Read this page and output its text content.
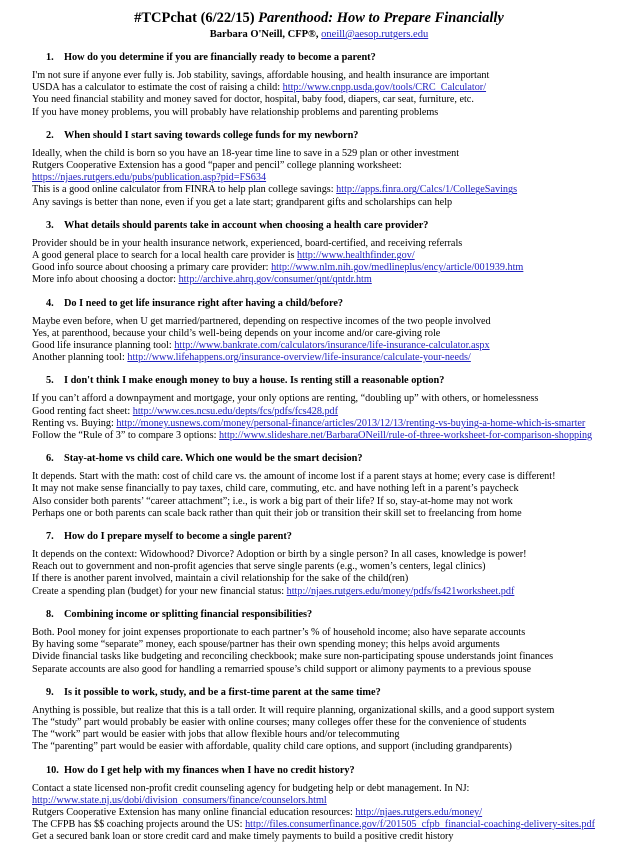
#TCPchat (6/22/15) Parenthood: How to Prepare Financially
Barbara O'Neill, CFP®, oneill@aesop.rutgers.edu
1. How do you determine if you are financially ready to become a parent?
I'm not sure if anyone ever fully is. Job stability, savings, affordable housing, and health insurance are important
USDA has a calculator to estimate the cost of raising a child: http://www.cnpp.usda.gov/tools/CRC_Calculator/
You need financial stability and money saved for doctor, hospital, baby food, diapers, car seat, furniture, etc.
If you have money problems, you will probably have relationship problems and parenting problems
2. When should I start saving towards college funds for my newborn?
Ideally, when the child is born so you have an 18-year time line to save in a 529 plan or other investment
Rutgers Cooperative Extension has a good “paper and pencil” college planning worksheet:
https://njaes.rutgers.edu/pubs/publication.asp?pid=FS634
This is a good online calculator from FINRA to help plan college savings: http://apps.finra.org/Calcs/1/CollegeSavings
Any savings is better than none, even if you get a late start; grandparent gifts and scholarships can help
3. What details should parents take in account when choosing a health care provider?
Provider should be in your health insurance network, experienced, board-certified, and receiving referrals
A good general place to search for a local health care provider is http://www.healthfinder.gov/
Good info source about choosing a primary care provider: http://www.nlm.nih.gov/medlineplus/ency/article/001939.htm
More info about choosing a doctor: http://archive.ahrq.gov/consumer/qnt/qntdr.htm
4. Do I need to get life insurance right after having a child/before?
Maybe even before, when U get married/partnered, depending on respective incomes of the two people involved
Yes, at parenthood, because your child’s well-being depends on your income and/or care-giving role
Good life insurance planning tool: http://www.bankrate.com/calculators/insurance/life-insurance-calculator.aspx
Another planning tool: http://www.lifehappens.org/insurance-overview/life-insurance/calculate-your-needs/
5. I don't think I make enough money to buy a house. Is renting still a reasonable option?
If you can’t afford a downpayment and mortgage, your only options are renting, “doubling up” with others, or homelessness
Good renting fact sheet: http://www.ces.ncsu.edu/depts/fcs/pdfs/fcs428.pdf
Renting vs. Buying: http://money.usnews.com/money/personal-finance/articles/2013/12/13/renting-vs-buying-a-home-which-is-smarter
Follow the “Rule of 3” to compare 3 options: http://www.slideshare.net/BarbaraONeill/rule-of-three-worksheet-for-comparison-shopping
6. Stay-at-home vs child care. Which one would be the smart decision?
It depends. Start with the math: cost of child care vs. the amount of income lost if a parent stays at home; every case is different!
It may not make sense financially to pay taxes, child care, commuting, etc. and have nothing left in a parent’s paycheck
Also consider both parents’ “career attachment”; i.e., is work a big part of their life? If so, stay-at-home may not work
Perhaps one or both parents can scale back rather than quit their job or transition their skill set to freelancing from home
7. How do I prepare myself to become a single parent?
It depends on the context: Widowhood? Divorce? Adoption or birth by a single person? In all cases, knowledge is power!
Reach out to government and non-profit agencies that serve single parents (e.g., women’s centers, legal clinics)
If there is another parent involved, maintain a civil relationship for the sake of the child(ren)
Create a spending plan (budget) for your new financial status: http://njaes.rutgers.edu/money/pdfs/fs421worksheet.pdf
8. Combining income or splitting financial responsibilities?
Both. Pool money for joint expenses proportionate to each partner’s % of household income; also have separate accounts
By having some “separate” money, each spouse/partner has their own spending money; this helps avoid arguments
Divide financial tasks like budgeting and reconciling checkbook; make sure non-participating spouse understands joint finances
Separate accounts are also good for handling a remarried spouse’s child support or alimony payments to a previous spouse
9. Is it possible to work, study, and be a first-time parent at the same time?
Anything is possible, but realize that this is a tall order. It will require planning, organizational skills, and a good support system
The “study” part would probably be easier with online courses; many colleges offer these for the convenience of students
The “work” part would be easier with jobs that allow flexible hours and/or telecommuting
The “parenting” part would be easier with affordable, quality child care options, and support (including grandparents)
10. How do I get help with my finances when I have no credit history?
Contact a state licensed non-profit credit counseling agency for budgeting help or debt management. In NJ:
http://www.state.nj.us/dobi/division_consumers/finance/counselors.html
Rutgers Cooperative Extension has many online financial education resources: http://njaes.rutgers.edu/money/
The CFPB has $$ coaching projects around the US: http://files.consumerfinance.gov/f/201505_cfpb_financial-coaching-delivery-sites.pdf
Get a secured bank loan or store credit card and make timely payments to build a positive credit history
